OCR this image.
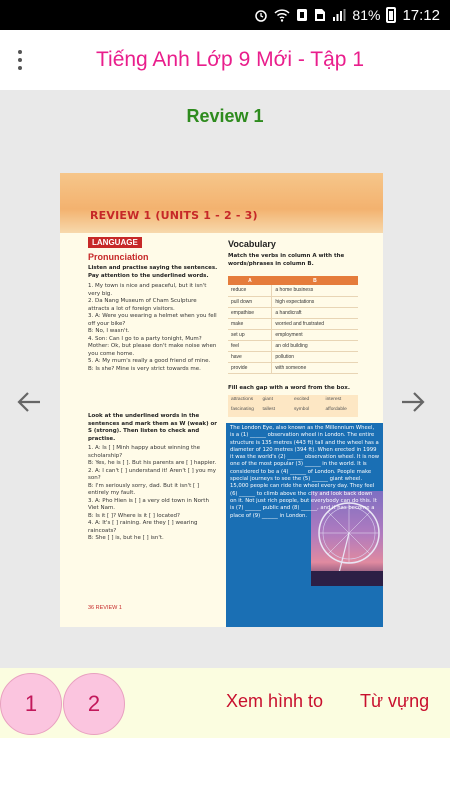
81% 17:12
Tiếng Anh Lớp 9 Mới - Tập 1
Review 1
REVIEW 1 (UNITS 1 - 2 - 3)
LANGUAGE
Pronunciation
Vocabulary
Listen and practise saying the sentences. Pay attention to the underlined words.
1. My town is nice and peaceful, but it isn't very big.
2. Da Nang Museum of Cham Sculpture attracts a lot of foreign visitors.
3. A: Were you wearing a helmet when you fell off your bike?
B: No, I wasn't.
4. Son: Can I go to a party tonight, Mum?
Mother: Ok, but please don't make noise when you come home.
5. A: My mum's really a good friend of mine.
B: Is she? Mine is very strict towards me.
Look at the underlined words in the sentences and mark them as W (weak) or S (strong). Then listen to check and practise.
1. A: Is [ ] Minh happy about winning the scholarship?
B: Yes, he is [ ]. But his parents are [ ] happier.
2. A: I can't [ ] understand it! Aren't [ ] you my son?
B: I'm seriously sorry, dad. But it isn't [ ] entirely my fault.
3. A: Pho Hien is [ ] a very old town in North Viet Nam.
B: Is it [ ]? Where is it [ ] located?
4. A: It's [ ] raining. Are they [ ] wearing raincoats?
B: She [ ] is, but he [ ] isn't.
Match the verbs in column A with the words/phrases in column B.
A	B
reduce	a home business
pull down	high expectations
empathise	a handicraft
make	worried and frustrated
set up	employment
feel	an old building
have	pollution
provide	with someone
Fill each gap with a word from the box.
attractions	giant	excited	interest
fascinating	tallest	symbol	affordable
The London Eye, also known as the Millennium Wheel, is a (1) ______ observation wheel in London. The entire structure is 135 metres (443 ft) tall and the wheel has a diameter of 120 metres (394 ft). When erected in 1999 it was the world's (2) ______ observation wheel. It is now one of the most popular (3) ______ in the world. It is considered to be a (4) ______ of London. People make special journeys to see the (5) ______ giant wheel. 15,000 people can ride the wheel every day. They feel (6) ______ to climb above the city and look back down on it. Not just rich people, but everybody can do this. It is (7) ______ public and (8) ______, and it has become a place of (9) ______ in London.
36 REVIEW 1
1	2	Xem hình to Từ vựng
